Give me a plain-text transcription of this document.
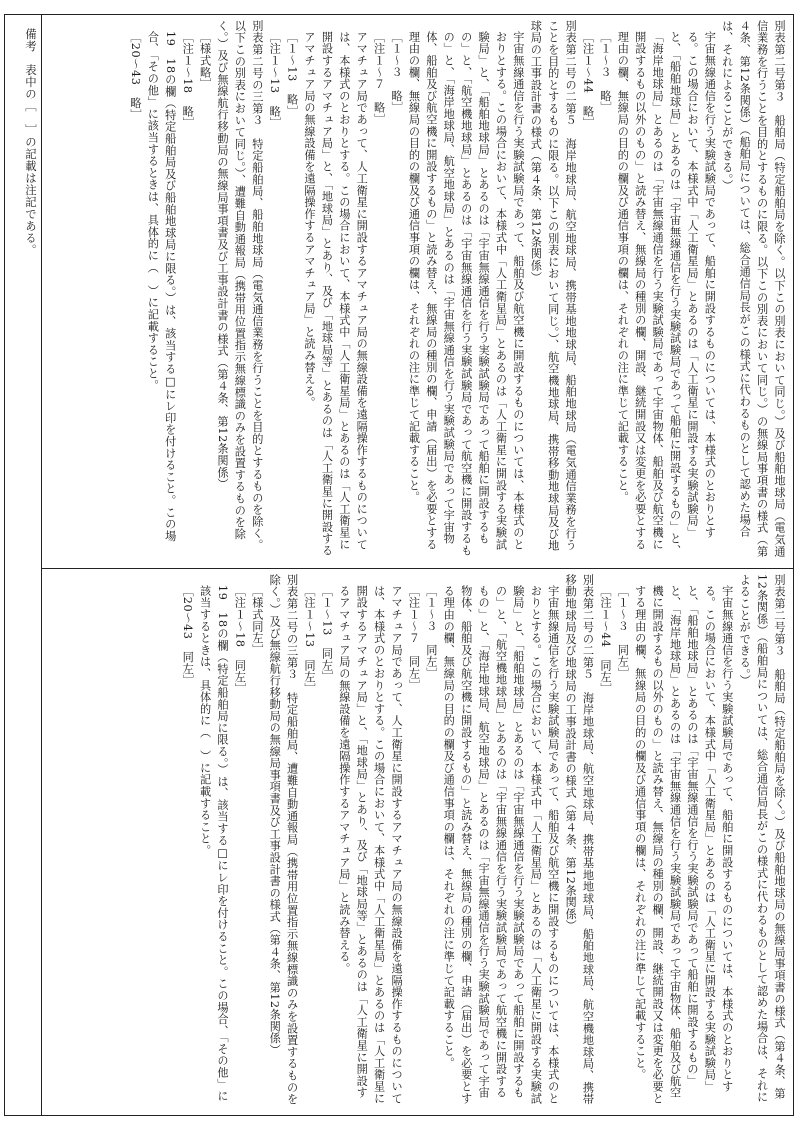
備考　表中の［　］の記載は注記である。	別表第二号第３　船舶局（特定船舶局を除く。以下この別表において同じ。）及び船舶地球局（電気通信業務を行うことを目的とするものに限る。以下この別表において同じ。）の無線局事項書の様式（第４条、第12条関係）（船舶局については、総合通信局長がこの様式に代わるものとして認めた場合は、それによることができる。）

宇宙無線通信を行う実験試験局であって、船舶に開設するものについては、本様式のとおりとする。この場合において、本様式中「人工衛星局」とあるのは「人工衛星に開設する実験試験局」と、「船舶地球局」とあるのは「宇宙無線通信を行う実験試験局であって船舶に開設するもの」と、「海岸地球局」とあるのは「宇宙無線通信を行う実験試験局であって宇宙物体、船舶及び航空機に開設するもの以外のもの」と読み替え、無線局の種別の欄、開設、継続開設又は変更を必要とする理由の欄、無線局の目的の欄及び通信事項の欄は、それぞれの注に準じて記載すること。

［１～３　略］

［注１～44　略］

別表第二号の二第５　海岸地球局、航空地球局、携帯基地地球局、船舶地球局（電気通信業務を行うことを目的とするものに限る。以下この別表において同じ。）、航空機地球局、携帯移動地球局及び地球局の工事設計書の様式（第４条、第12条関係）

宇宙無線通信を行う実験試験局であって、船舶及び航空機に開設するものについては、本様式のとおりとする。この場合において、本様式中「人工衛星局」とあるのは「人工衛星に開設する実験試験局」と、「船舶地球局」とあるのは「宇宙無線通信を行う実験試験局であって船舶に開設するもの」と、「航空機地球局」とあるのは「宇宙無線通信を行う実験試験局であって航空機に開設するもの」と、「海岸地球局、航空地球局」とあるのは「宇宙無線通信を行う実験試験局であって宇宙物体、船舶及び航空機に開設するもの」と読み替え、無線局の種別の欄、申請（届出）を必要とする理由の欄、無線局の目的の欄及び通信事項の欄は、それぞれの注に準じて記載すること。

［１～３　略］

［注１～７　略］

アマチュア局であって、人工衛星に開設するアマチュア局の無線設備を遠隔操作するものについては、本様式のとおりとする。この場合において、本様式中「人工衛星局」とあるのは「人工衛星に開設するアマチュア局」と、「地球局」とあり、及び「地球局等」とあるのは「人工衛星に開設するアマチュア局の無線設備を遠隔操作するアマチュア局」と読み替える。

［１～13　略］

［注１～13　略］

別表第二号の三第３　特定船舶局、船舶地球局（電気通信業務を行うことを目的とするものを除く。以下この別表において同じ。）、遭難自動通報局（携帯用位置指示無線標識のみを設置するものを除く。）及び無線航行移動局の無線局事項書及び工事設計書の様式（第４条、第12条関係）

［様式略］

［注１～18　略］

19　18の欄（特定船舶局及び船舶地球局に限る。）は、該当する□にレ印を付けること。この場合、「その他」に該当するときは、具体的に（　）に記載すること。

［20～43　略］

別表第二号第３　船舶局（特定船舶局を除く。）及び船舶地球局の無線局事項書の様式（第４条、第12条関係）（船舶局については、総合通信局長がこの様式に代わるものとして認めた場合は、それによることができる。）

宇宙無線通信を行う実験試験局であって、船舶に開設するものについては、本様式のとおりとする。この場合において、本様式中「人工衛星局」とあるのは「人工衛星に開設する実験試験局」と、「船舶地球局」とあるのは「宇宙無線通信を行う実験試験局であって船舶に開設するもの」と、「海岸地球局」とあるのは「宇宙無線通信を行う実験試験局であって宇宙物体、船舶及び航空機に開設するもの以外のもの」と読み替え、無線局の種別の欄、開設、継続開設又は変更を必要とする理由の欄、無線局の目的の欄及び通信事項の欄は、それぞれの注に準じて記載すること。

［１～３　同左］

［注１～44　同左］

別表第二号の二第５　海岸地球局、航空地球局、携帯基地地球局、船舶地球局、航空機地球局、携帯移動地球局及び地球局の工事設計書の様式（第４条、第12条関係）

宇宙無線通信を行う実験試験局であって、船舶及び航空機に開設するものについては、本様式のとおりとする。この場合において、本様式中「人工衛星局」とあるのは「人工衛星に開設する実験試験局」と、「船舶地球局」とあるのは「宇宙無線通信を行う実験試験局であって船舶に開設するもの」と、「航空機地球局」とあるのは「宇宙無線通信を行う実験試験局であって航空機に開設するもの」と、「海岸地球局、航空地球局」とあるのは「宇宙無線通信を行う実験試験局であって宇宙物体、船舶及び航空機に開設するもの」と読み替え、無線局の種別の欄、申請（届出）を必要とする理由の欄、無線局の目的の欄及び通信事項の欄は、それぞれの注に準じて記載すること。

［１～３　同左］

［注１～７　同左］

アマチュア局であって、人工衛星に開設するアマチュア局の無線設備を遠隔操作するものについては、本様式のとおりとする。この場合において、本様式中「人工衛星局」とあるのは「人工衛星に開設するアマチュア局」と、「地球局」とあり、及び「地球局等」とあるのは「人工衛星に開設するアマチュア局の無線設備を遠隔操作するアマチュア局」と読み替える。

［１～13　同左］

［注１～13　同左］

別表第二号の三第３　特定船舶局、遭難自動通報局（携帯用位置指示無線標識のみを設置するものを除く。）及び無線航行移動局の無線局事項書及び工事設計書の様式（第４条、第12条関係）

［様式同左］

［注１～18　同左］

19　18の欄（特定船舶局に限る。）は、該当する□にレ印を付けること。この場合、「その他」に該当するときは、具体的に（　）に記載すること。

［20～43　同左］
